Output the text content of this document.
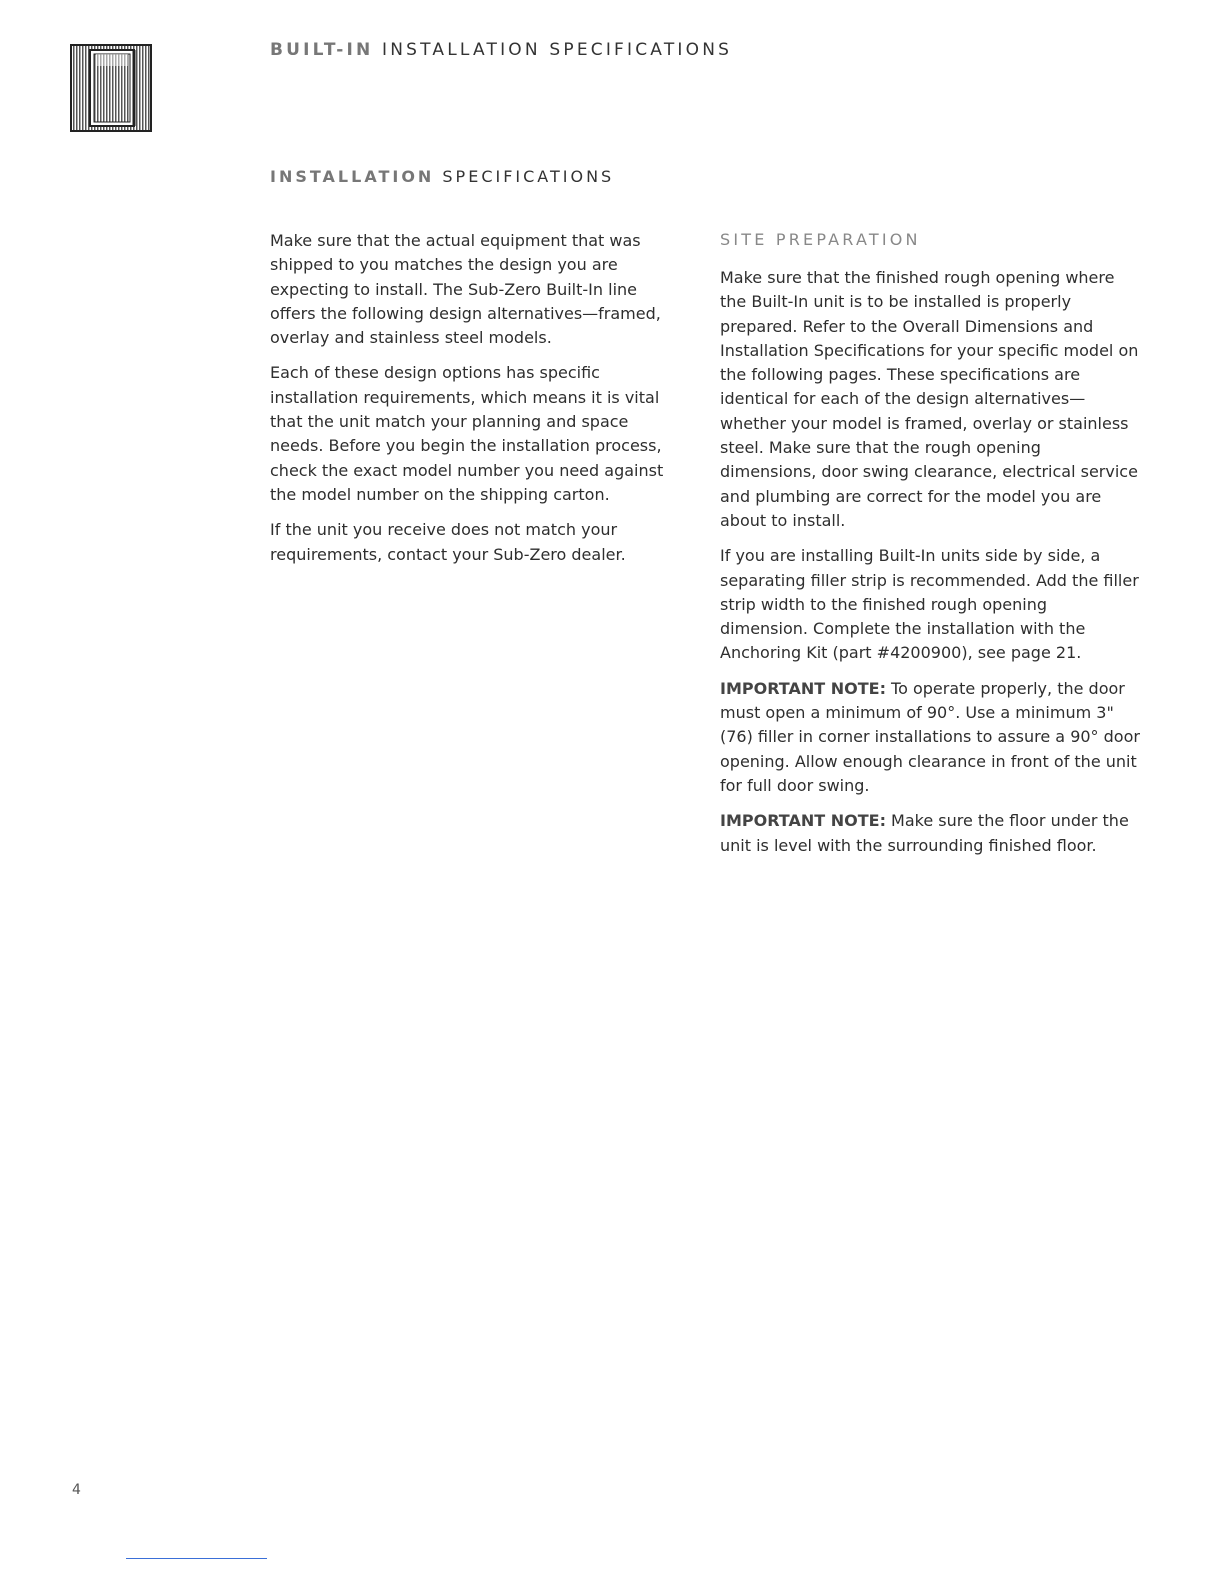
BUILT-IN INSTALLATION SPECIFICATIONS
INSTALLATION SPECIFICATIONS

Make sure that the actual equipment that was shipped to you matches the design you are expecting to install. The Sub-Zero Built-In line offers the following design alternatives—framed, overlay and stainless steel models.

Each of these design options has specific installation requirements, which means it is vital that the unit match your planning and space needs. Before you begin the installation process, check the exact model number you need against the model number on the shipping carton.

If the unit you receive does not match your requirements, contact your Sub-Zero dealer.

SITE PREPARATION

Make sure that the finished rough opening where the Built-In unit is to be installed is properly prepared. Refer to the Overall Dimensions and Installation Specifications for your specific model on the following pages. These specifications are identical for each of the design alternatives—whether your model is framed, overlay or stainless steel. Make sure that the rough opening dimensions, door swing clearance, electrical service and plumbing are correct for the model you are about to install.

If you are installing Built-In units side by side, a separating filler strip is recommended. Add the filler strip width to the finished rough opening dimension. Complete the installation with the Anchoring Kit (part #4200900), see page 21.

IMPORTANT NOTE: To operate properly, the door must open a minimum of 90°. Use a minimum 3" (76) filler in corner installations to assure a 90° door opening. Allow enough clearance in front of the unit for full door swing.

IMPORTANT NOTE: Make sure the floor under the unit is level with the surrounding finished floor.

4
